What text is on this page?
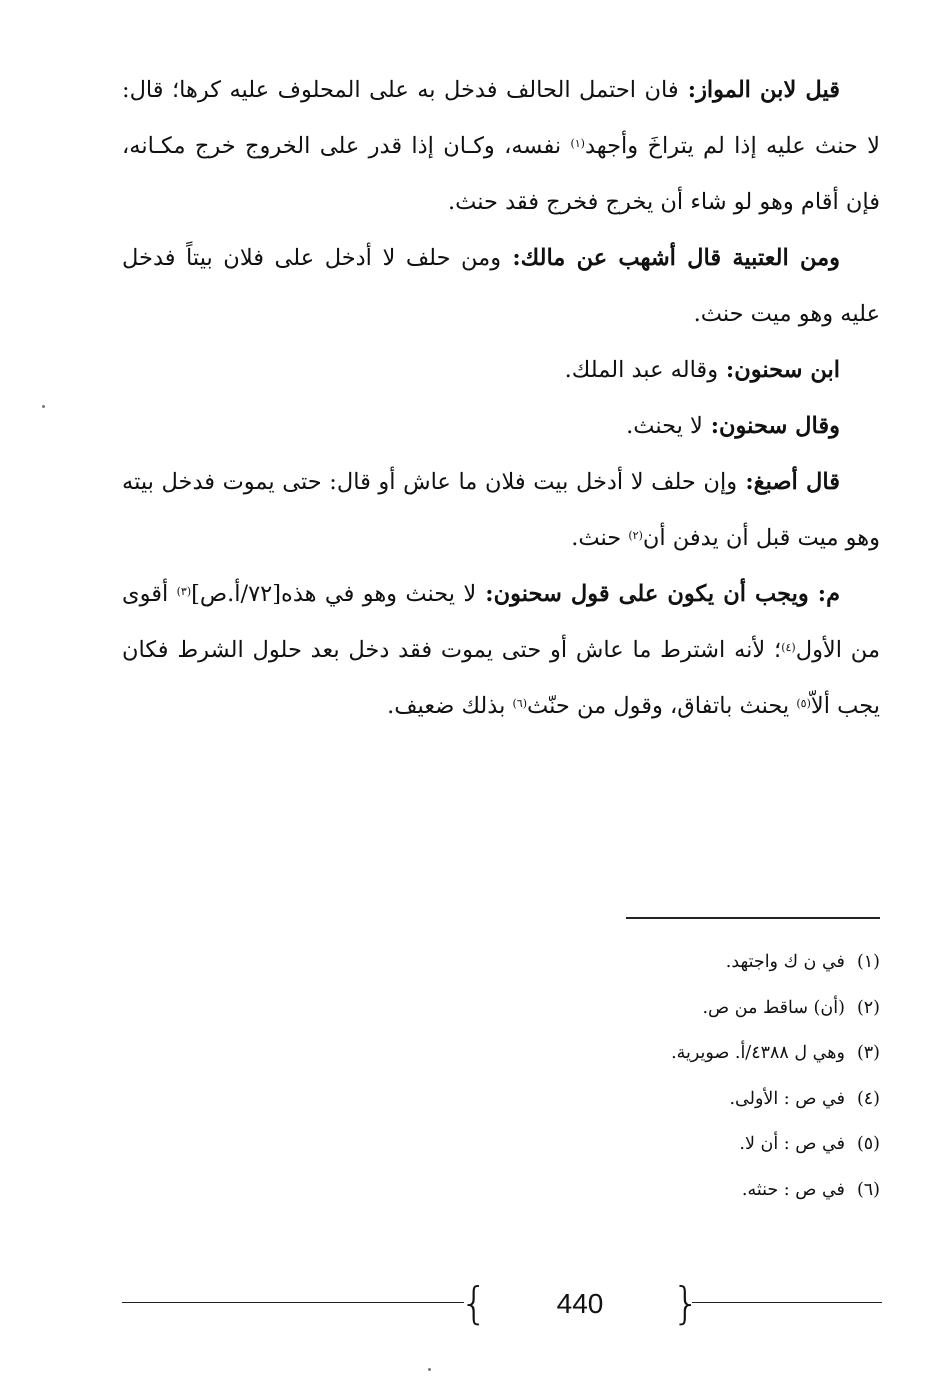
قيل لابن المواز: فان احتمل الحالف فدخل به على المحلوف عليه كرها؛ قال: لا حنث عليه إذا لم يتراخَ وأجهد$^{(١)}$ نفسه، وكـان إذا قدر على الخروج خرج مكـانه، فإن أقام وهو لو شاء أن يخرج فخرج فقد حنث.

ومن العتبية قال أشهب عن مالك: ومن حلف لا أدخل على فلان بيتاً فدخل عليه وهو ميت حنث.

ابن سحنون: وقاله عبد الملك.

وقال سحنون: لا يحنث.

قال أصبغ: وإن حلف لا أدخل بيت فلان ما عاش أو قال: حتى يموت فدخل بيته وهو ميت قبل أن يدفن أن$^{(٢)}$ حنث.

م: ويجب أن يكون على قول سحنون: لا يحنث وهو في هذه[٧٢/أ.ص]$^{(٣)}$ أقوى من الأول$^{(٤)}$؛ لأنه اشترط ما عاش أو حتى يموت فقد دخل بعد حلول الشرط فكان يجب ألاّ$^{(٥)}$ يحنث باتفاق، وقول من حنّث$^{(٦)}$ بذلك ضعيف.

(١)في ن ك واجتهد.

(٢)(أن) ساقط من ص.

(٣)وهي ل ٤٣٨٨/أ. صويرية.

(٤)في ص : الأولى.

(٥)في ص : أن لا.

(٦)في ص : حنثه.

{	440	}
